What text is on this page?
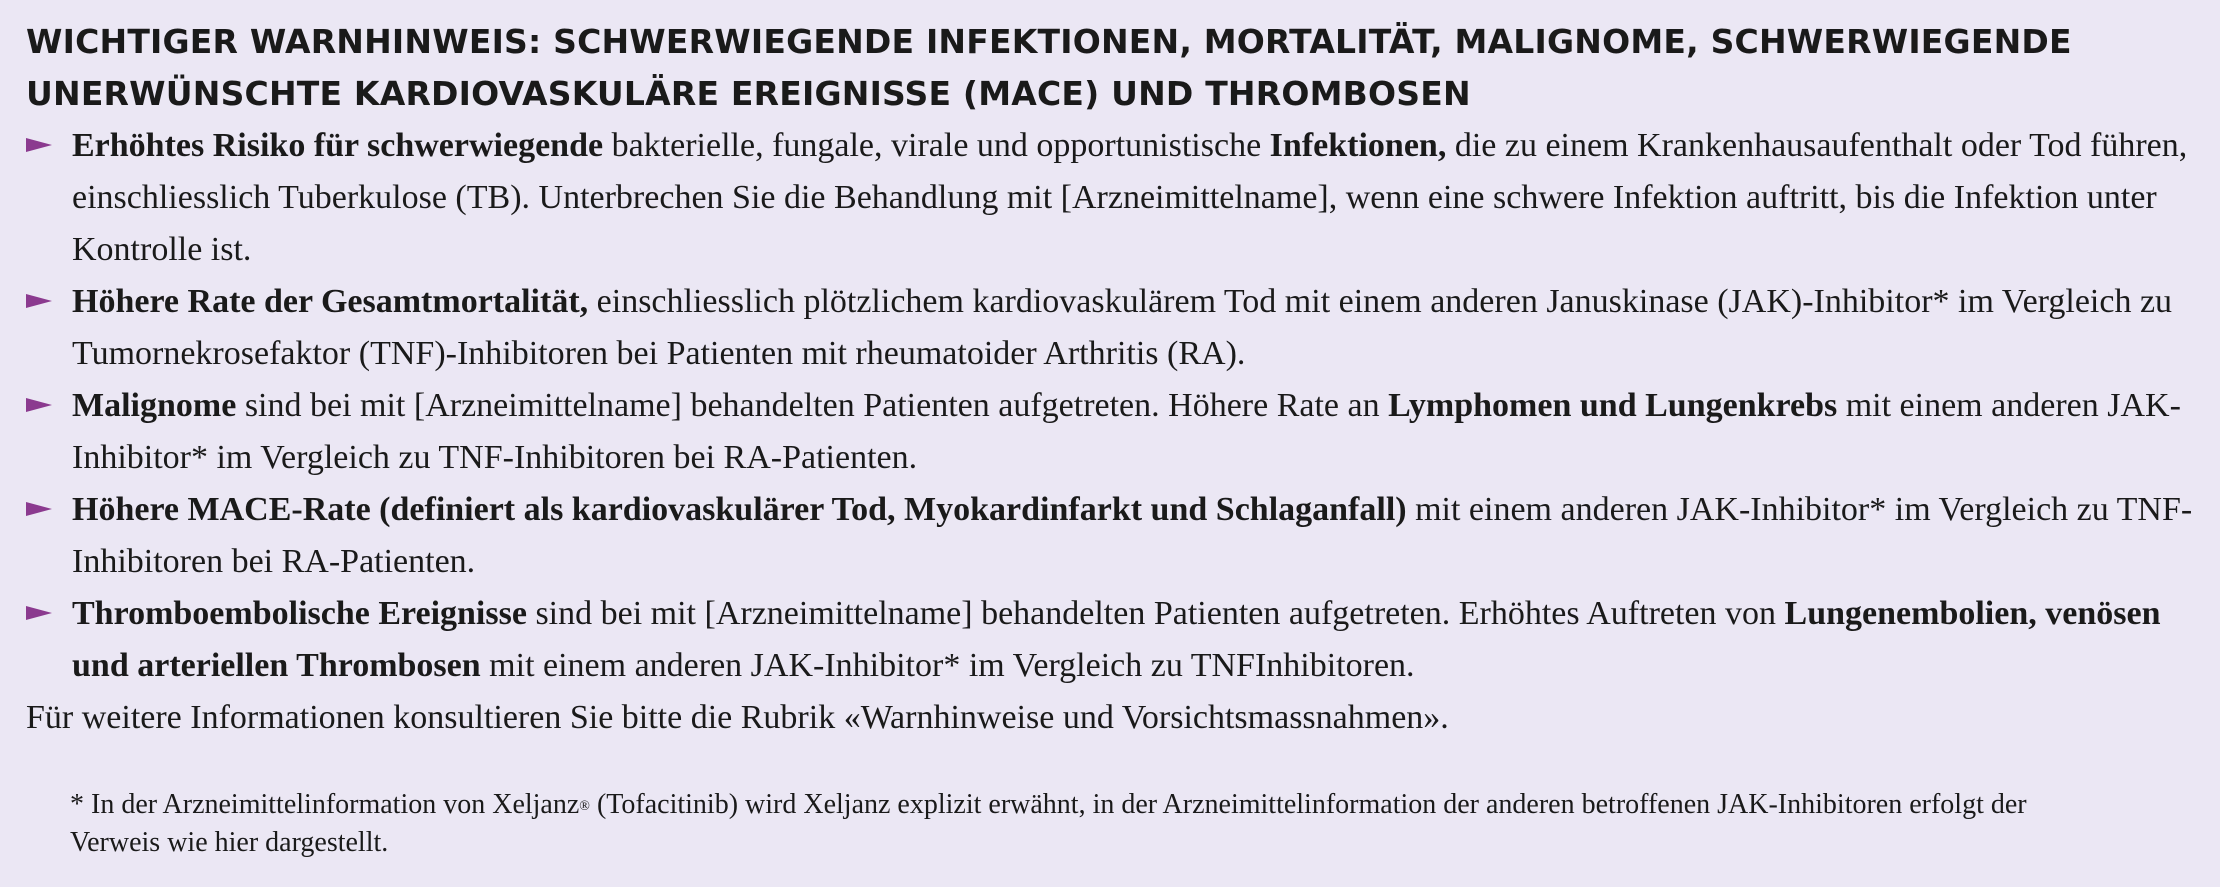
WICHTIGER WARNHINWEIS: SCHWERWIEGENDE INFEKTIONEN, MORTALITÄT, MALIGNOME, SCHWERWIEGENDE
UNERWÜNSCHTE KARDIOVASKULÄRE EREIGNISSE (MACE) UND THROMBOSEN
Erhöhtes Risiko für schwerwiegende bakterielle, fungale, virale und opportunistische Infektionen, die zu einem Krankenhausaufenthalt oder Tod führen, einschliesslich Tuberkulose (TB). Unterbrechen Sie die Behandlung mit [Arzneimittelname], wenn eine schwere Infektion auftritt, bis die Infektion unter Kontrolle ist.
Höhere Rate der Gesamtmortalität, einschliesslich plötzlichem kardiovaskulärem Tod mit einem anderen Januskinase (JAK)-Inhibitor* im Vergleich zu Tumornekrosefaktor (TNF)-Inhibitoren bei Patienten mit rheumatoider Arthritis (RA).
Malignome sind bei mit [Arzneimittelname] behandelten Patienten aufgetreten. Höhere Rate an Lymphomen und Lungenkrebs mit einem anderen JAK-Inhibitor* im Vergleich zu TNF-Inhibitoren bei RA-Patienten.
Höhere MACE-Rate (definiert als kardiovaskulärer Tod, Myokardinfarkt und Schlaganfall) mit einem anderen JAK-Inhibitor* im Vergleich zu TNF-Inhibitoren bei RA-Patienten.
Thromboembolische Ereignisse sind bei mit [Arzneimittelname] behandelten Patienten aufgetreten. Erhöhtes Auftreten von Lungenembolien, venösen und arteriellen Thrombosen mit einem anderen JAK-Inhibitor* im Vergleich zu TNFInhibitoren.

Für weitere Informationen konsultieren Sie bitte die Rubrik «Warnhinweise und Vorsichtsmassnahmen».

* In der Arzneimittelinformation von Xeljanz® (Tofacitinib) wird Xeljanz explizit erwähnt, in der Arzneimittelinformation der anderen betroffenen JAK-Inhibitoren erfolgt der Verweis wie hier dargestellt.
